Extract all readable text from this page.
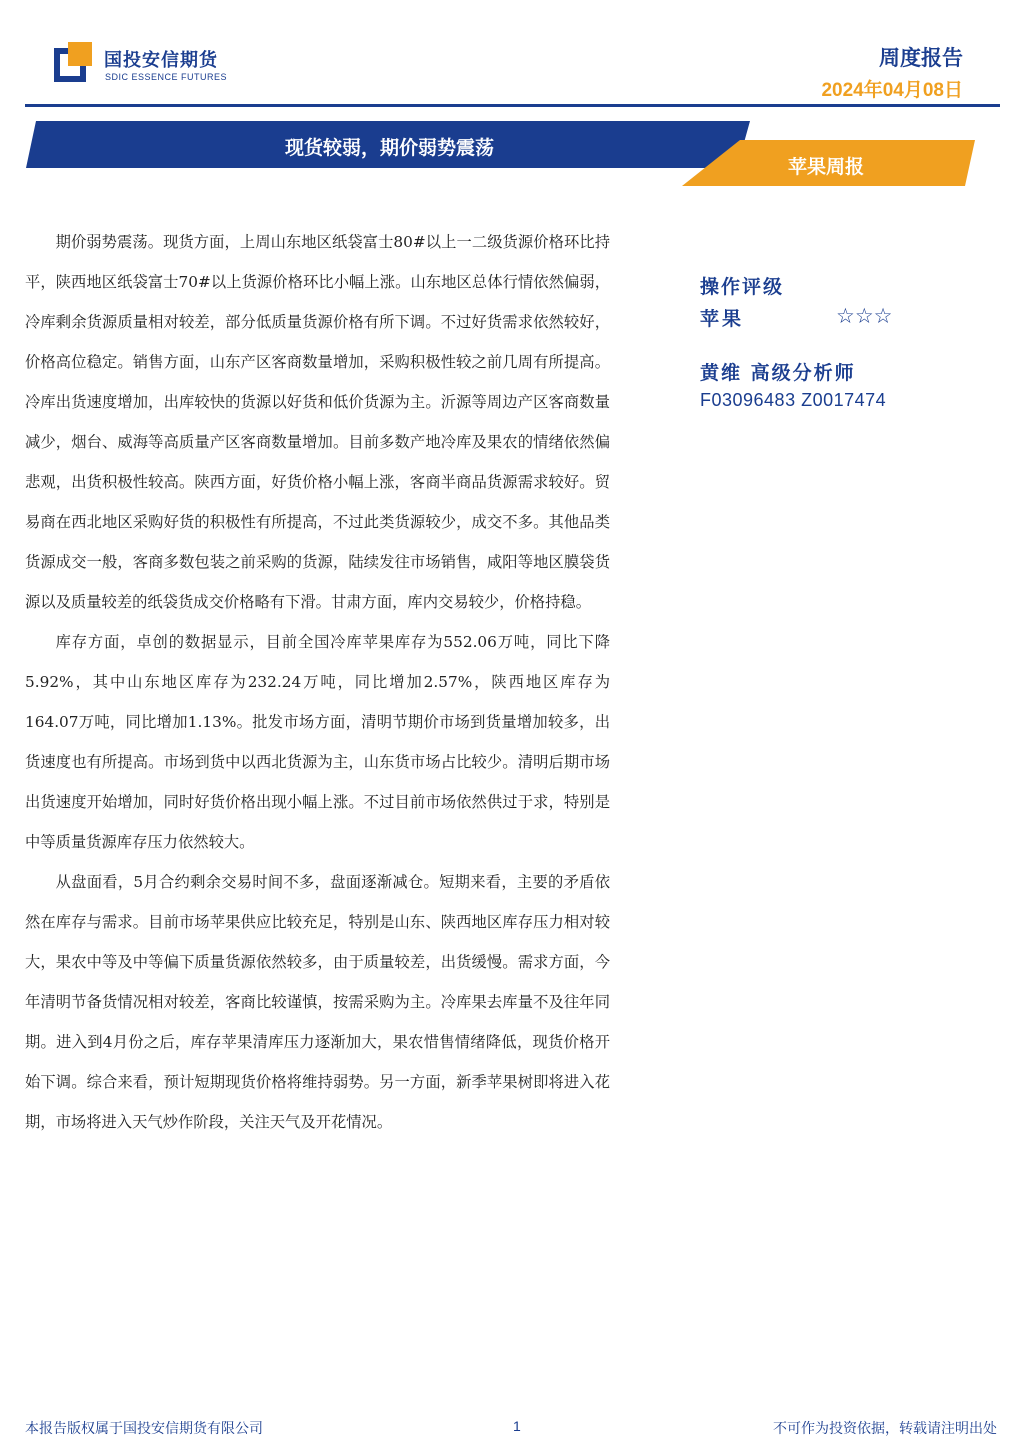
国投安信期货
SDIC ESSENCE FUTURES
周度报告
2024年04月08日
现货较弱，期价弱势震荡
苹果周报

期价弱势震荡。现货方面，上周山东地区纸袋富士80#以上一二级货源价格环比持平，陕西地区纸袋富士70#以上货源价格环比小幅上涨。山东地区总体行情依然偏弱，冷库剩余货源质量相对较差，部分低质量货源价格有所下调。不过好货需求依然较好，价格高位稳定。销售方面，山东产区客商数量增加，采购积极性较之前几周有所提高。冷库出货速度增加，出库较快的货源以好货和低价货源为主。沂源等周边产区客商数量减少，烟台、威海等高质量产区客商数量增加。目前多数产地冷库及果农的情绪依然偏悲观，出货积极性较高。陕西方面，好货价格小幅上涨，客商半商品货源需求较好。贸易商在西北地区采购好货的积极性有所提高，不过此类货源较少，成交不多。其他品类货源成交一般，客商多数包装之前采购的货源，陆续发往市场销售，咸阳等地区膜袋货源以及质量较差的纸袋货成交价格略有下滑。甘肃方面，库内交易较少，价格持稳。

库存方面，卓创的数据显示，目前全国冷库苹果库存为552.06万吨，同比下降5.92%，其中山东地区库存为232.24万吨，同比增加2.57%，陕西地区库存为164.07万吨，同比增加1.13%。批发市场方面，清明节期价市场到货量增加较多，出货速度也有所提高。市场到货中以西北货源为主，山东货市场占比较少。清明后期市场出货速度开始增加，同时好货价格出现小幅上涨。不过目前市场依然供过于求，特别是中等质量货源库存压力依然较大。

从盘面看，5月合约剩余交易时间不多，盘面逐渐减仓。短期来看，主要的矛盾依然在库存与需求。目前市场苹果供应比较充足，特别是山东、陕西地区库存压力相对较大，果农中等及中等偏下质量货源依然较多，由于质量较差，出货缓慢。需求方面，今年清明节备货情况相对较差，客商比较谨慎，按需采购为主。冷库果去库量不及往年同期。进入到4月份之后，库存苹果清库压力逐渐加大，果农惜售情绪降低，现货价格开始下调。综合来看，预计短期现货价格将维持弱势。另一方面，新季苹果树即将进入花期，市场将进入天气炒作阶段，关注天气及开花情况。

操作评级
苹果	☆☆☆
黄维 高级分析师
F03096483 Z0017474
本报告版权属于国投安信期货有限公司	1	不可作为投资依据，转载请注明出处
